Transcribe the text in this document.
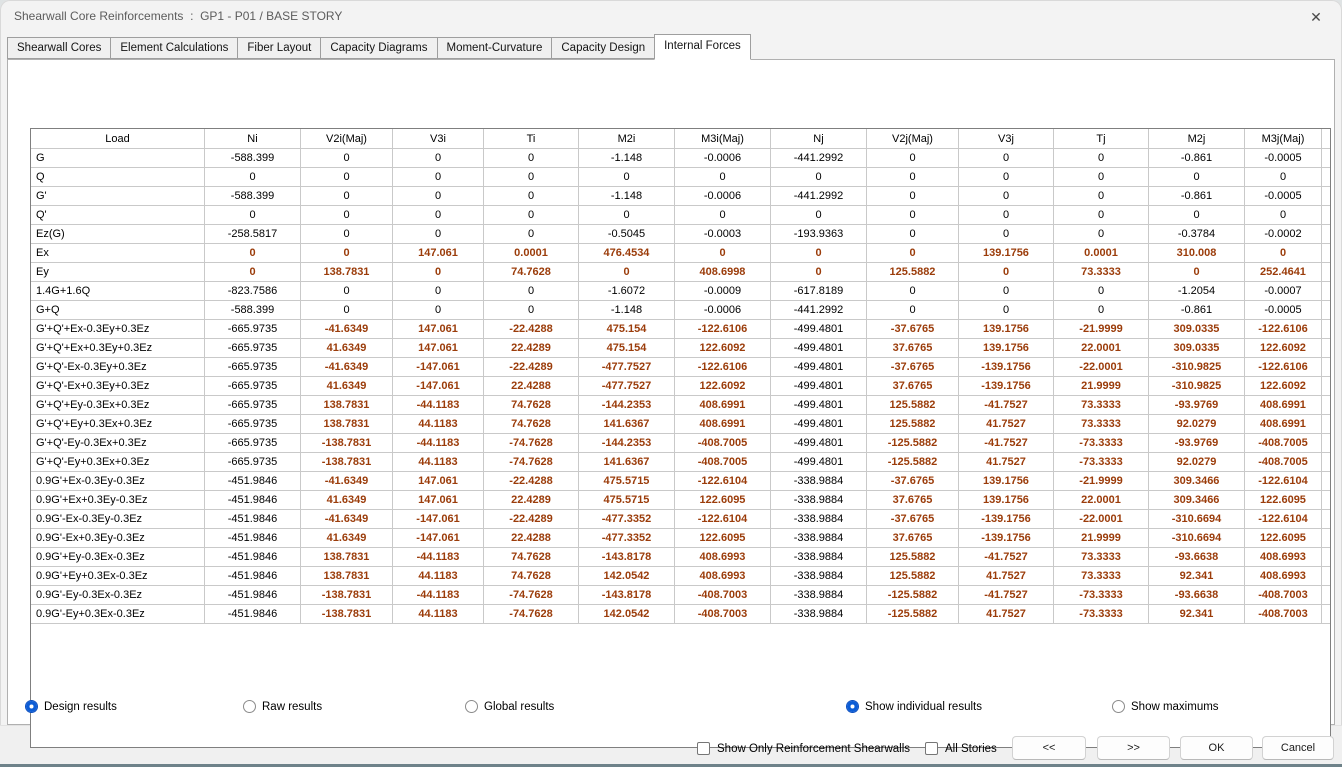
Shearwall Core Reinforcements  :  GP1 - P01 / BASE STORY	✕
Shearwall Cores	Element Calculations	Fiber Layout	Capacity Diagrams	Moment-Curvature	Capacity Design	Internal Forces
Load	Ni	V2i(Maj)	V3i	Ti	M2i	M3i(Maj)	Nj	V2j(Maj)	V3j	Tj	M2j	M3j(Maj)	
G	-588.399	0	0	0	-1.148	-0.0006	-441.2992	0	0	0	-0.861	-0.0005	
Q	0	0	0	0	0	0	0	0	0	0	0	0	
G'	-588.399	0	0	0	-1.148	-0.0006	-441.2992	0	0	0	-0.861	-0.0005	
Q'	0	0	0	0	0	0	0	0	0	0	0	0	
Ez(G)	-258.5817	0	0	0	-0.5045	-0.0003	-193.9363	0	0	0	-0.3784	-0.0002	
Ex	0	0	147.061	0.0001	476.4534	0	0	0	139.1756	0.0001	310.008	0	
Ey	0	138.7831	0	74.7628	0	408.6998	0	125.5882	0	73.3333	0	252.4641	
1.4G+1.6Q	-823.7586	0	0	0	-1.6072	-0.0009	-617.8189	0	0	0	-1.2054	-0.0007	
G+Q	-588.399	0	0	0	-1.148	-0.0006	-441.2992	0	0	0	-0.861	-0.0005	
G'+Q'+Ex-0.3Ey+0.3Ez	-665.9735	-41.6349	147.061	-22.4288	475.154	-122.6106	-499.4801	-37.6765	139.1756	-21.9999	309.0335	-122.6106	
G'+Q'+Ex+0.3Ey+0.3Ez	-665.9735	41.6349	147.061	22.4289	475.154	122.6092	-499.4801	37.6765	139.1756	22.0001	309.0335	122.6092	
G'+Q'-Ex-0.3Ey+0.3Ez	-665.9735	-41.6349	-147.061	-22.4289	-477.7527	-122.6106	-499.4801	-37.6765	-139.1756	-22.0001	-310.9825	-122.6106	
G'+Q'-Ex+0.3Ey+0.3Ez	-665.9735	41.6349	-147.061	22.4288	-477.7527	122.6092	-499.4801	37.6765	-139.1756	21.9999	-310.9825	122.6092	
G'+Q'+Ey-0.3Ex+0.3Ez	-665.9735	138.7831	-44.1183	74.7628	-144.2353	408.6991	-499.4801	125.5882	-41.7527	73.3333	-93.9769	408.6991	
G'+Q'+Ey+0.3Ex+0.3Ez	-665.9735	138.7831	44.1183	74.7628	141.6367	408.6991	-499.4801	125.5882	41.7527	73.3333	92.0279	408.6991	
G'+Q'-Ey-0.3Ex+0.3Ez	-665.9735	-138.7831	-44.1183	-74.7628	-144.2353	-408.7005	-499.4801	-125.5882	-41.7527	-73.3333	-93.9769	-408.7005	
G'+Q'-Ey+0.3Ex+0.3Ez	-665.9735	-138.7831	44.1183	-74.7628	141.6367	-408.7005	-499.4801	-125.5882	41.7527	-73.3333	92.0279	-408.7005	
0.9G'+Ex-0.3Ey-0.3Ez	-451.9846	-41.6349	147.061	-22.4288	475.5715	-122.6104	-338.9884	-37.6765	139.1756	-21.9999	309.3466	-122.6104	
0.9G'+Ex+0.3Ey-0.3Ez	-451.9846	41.6349	147.061	22.4289	475.5715	122.6095	-338.9884	37.6765	139.1756	22.0001	309.3466	122.6095	
0.9G'-Ex-0.3Ey-0.3Ez	-451.9846	-41.6349	-147.061	-22.4289	-477.3352	-122.6104	-338.9884	-37.6765	-139.1756	-22.0001	-310.6694	-122.6104	
0.9G'-Ex+0.3Ey-0.3Ez	-451.9846	41.6349	-147.061	22.4288	-477.3352	122.6095	-338.9884	37.6765	-139.1756	21.9999	-310.6694	122.6095	
0.9G'+Ey-0.3Ex-0.3Ez	-451.9846	138.7831	-44.1183	74.7628	-143.8178	408.6993	-338.9884	125.5882	-41.7527	73.3333	-93.6638	408.6993	
0.9G'+Ey+0.3Ex-0.3Ez	-451.9846	138.7831	44.1183	74.7628	142.0542	408.6993	-338.9884	125.5882	41.7527	73.3333	92.341	408.6993	
0.9G'-Ey-0.3Ex-0.3Ez	-451.9846	-138.7831	-44.1183	-74.7628	-143.8178	-408.7003	-338.9884	-125.5882	-41.7527	-73.3333	-93.6638	-408.7003	
0.9G'-Ey+0.3Ex-0.3Ez	-451.9846	-138.7831	44.1183	-74.7628	142.0542	-408.7003	-338.9884	-125.5882	41.7527	-73.3333	92.341	-408.7003	
Design results	Raw results	Global results	Show individual results	Show maximums
Show Only Reinforcement Shearwalls	All Stories	<<	>>	OK	Cancel
